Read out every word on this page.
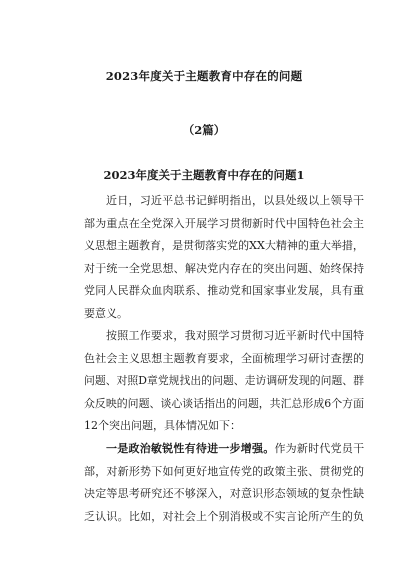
2023年度关于主题教育中存在的问题
（2篇）
2023年度关于主题教育中存在的问题1
近日，习近平总书记鲜明指出，以县处级以上领导干
部为重点在全党深入开展学习贯彻新时代中国特色社会主
义思想主题教育，是贯彻落实党的XX大精神的重大举措，
对于统一全党思想、解决党内存在的突出问题、始终保持
党同人民群众血肉联系、推动党和国家事业发展，具有重
要意义。
按照工作要求，我对照学习贯彻习近平新时代中国特
色社会主义思想主题教育要求，全面梳理学习研讨查摆的
问题、对照D章党规找出的问题、走访调研发现的问题、群
众反映的问题、谈心谈话指出的问题，共汇总形成6个方面
12个突出问题，具体情况如下：
一是政治敏锐性有待进一步增强。作为新时代党员干
部，对新形势下如何更好地宣传党的政策主张、贯彻党的
决定等思考研究还不够深入，对意识形态领域的复杂性缺
乏认识。比如，对社会上个别消极或不实言论所产生的负
